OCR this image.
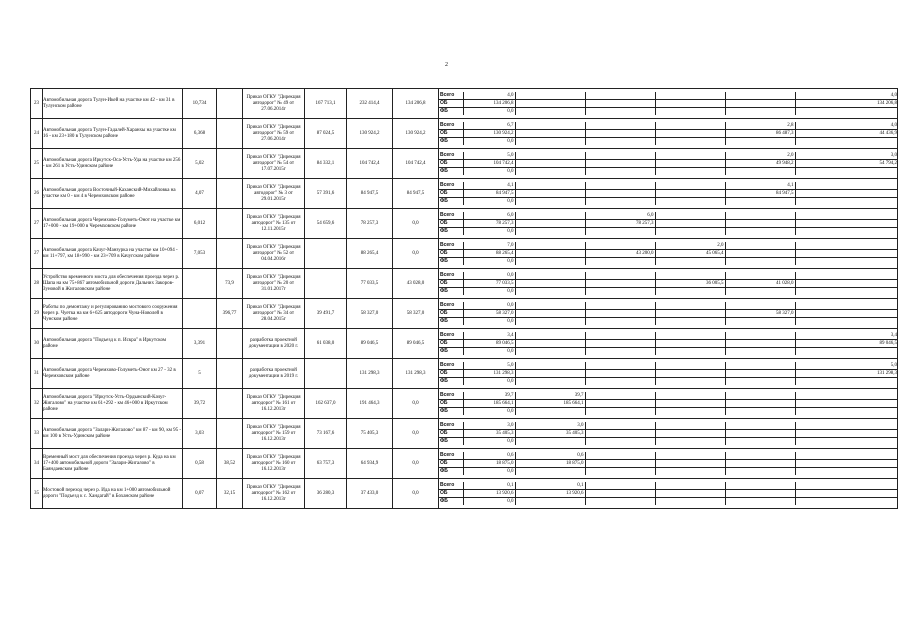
2
23	Автомобильная дорога Тулун-Икей на участке км 42 - км 31 в Тулунском районе	10,734		Приказ ОГКУ "Дирекция автодорог" № 49 от 27.06.2014г	167 713,1	232 414,4	134 206,8	
Всего	4,0					4,0
ОБ	134 206,8					134 206,8
ФБ	0,0					

24	Автомобильная дорога Тулун-Гадалей-Харанхы на участке км 16 - км 23+180 в Тулунском районе	6,368		Приказ ОГКУ "Дирекция автодорог" № 59 от 27.06.2014г	87 024,5	130 924,2	130 924,2	
Всего	6,7				2,8	4,0
ОБ	130 924,2				86 487,3	44 436,9
ФБ	0,0					

25	Автомобильная дорога Иркутск-Оса-Усть-Уда на участке км 256 - км 261 в Усть-Удинском районе	5,02		Приказ ОГКУ "Дирекция автодорог" № 54 от 17.07.2015г	84 332,1	104 742,4	104 742,4	
Всего	5,0				2,0	3,0
ОБ	104 742,4				49 948,2	54 794,2
ФБ	0,0					

26	Автомобильная дорога Восточный-Каханский-Михайловка на участке км 0 - км 4 в Черемховском районе	4,07		Приказ ОГКУ "Дирекция автодорог" № 3 от 29.01.2015г	57 391,6	84 947,5	84 947,5	
Всего	4,1				4,1	
ОБ	84 947,5				84 947,5	
ФБ	0,0					

27	Автомобильная дорога Черемхово-Голуметь-Онот на участке км 17+000 - км 19+000 в Черемховском районе	6,012		Приказ ОГКУ "Дирекция автодорог" № 135 от 12.11.2015г	54 659,6	78 257,3	0,0	
Всего	6,0		6,0			
ОБ	78 257,3		78 257,3			
ФБ	0,0					

27	Автомобильная дорога Качуг-Манзурка на участке км 10+094 - км 11+797, км 18+990 - км 23+709 в Качугском районе	7,053		Приказ ОГКУ "Дирекция автодорог" № 52 от 04.04.2016г		88 265,4	0,0	
Всего	7,0			2,0		
ОБ	88 265,4		43 200,0	45 065,4		
ФБ	0,0					

28	Устройство временного моста для обеспечения проезда через р. Шапа на км 75+867 автомобильной дороги Дальних Закоров-Зуновой в Жигаловском районе		73,9	Приказ ОГКУ "Дирекция автодорог" № 20 от 31.01.2017г		77 033,5	43 028,0	
Всего	0,0					
ОБ	77 033,5			36 005,5	41 028,0	
ФБ	0,0					

29	Работы по демонтажу и регулированию мостового сооружения через р. Чуетка на км 6+625 автодороги Чуна-Новолей в Чунском районе		396,77	Приказ ОГКУ "Дирекция автодорог" № 34 от 28.04.2015г	39 491,7	58 327,0	58 327,0	
Всего	0,0					
ОБ	58 327,0				58 327,0	
ФБ	0,0					

30	Автомобильная дорога "Подъезд к п. Искра" в Иркутском районе	3,391		разработка проектной документации в 2020 г.	61 038,0	89 046,5	89 046,5	
Всего	3,4					3,4
ОБ	89 046,5					89 046,5
ФБ	0,0					

31	Автомобильная дорога Черемхово-Голуметь-Онот км 27 - 32 в Черемховском районе	5		разработка проектной документации в 2019 г.		131 298,3	131 298,3	
Всего	5,0					5,0
ОБ	131 298,3					131 298,3
ФБ	0,0					

32	Автомобильная дорога "Иркутск-Усть-Ордынский-Качуг-Жигалово" на участке км 61+292 - км 46+000 в Иркутском районе	39,72		Приказ ОГКУ "Дирекция автодорог" № 161 от 16.12.2013г	162 637,0	191 464,3	0,0	
Всего	39,7	39,7				
ОБ	185 664,1	185 664,1				
ФБ	0,0					

33	Автомобильная дорога "Залари-Жигалово" км 87 - км 90, км 95 - км 100 в Усть-Удинском районе	3,03		Приказ ОГКУ "Дирекция автодорог" № 159 от 16.12.2013г	73 167,6	75 405,3	0,0	
Всего	3,0	3,0				
ОБ	35 405,3	35 405,3				
ФБ	0,0					

34	Временный мост для обеспечения проезда через р. Куда на км 17+400 автомобильной дороги "Залари-Жигалово" в Баяндаевском районе	0,58	38,52	Приказ ОГКУ "Дирекция автодорог" № 160 от 16.12.2013г	63 757,3	64 934,9	0,0	
Всего	0,6	0,6				
ОБ	18 875,0	18 875,0				
ФБ	0,0					

35	Мостовой переход через р. Ида на км 1+000 автомобильной дороги "Подъезд к с. Хандагай" в Боханском районе	0,07	32,15	Приказ ОГКУ "Дирекция автодорог" № 162 от 16.12.2013г	36 280,3	37 433,0	0,0	
Всего	0,1	0,1				
ОБ	13 920,6	13 920,6				
ФБ	0,0					
